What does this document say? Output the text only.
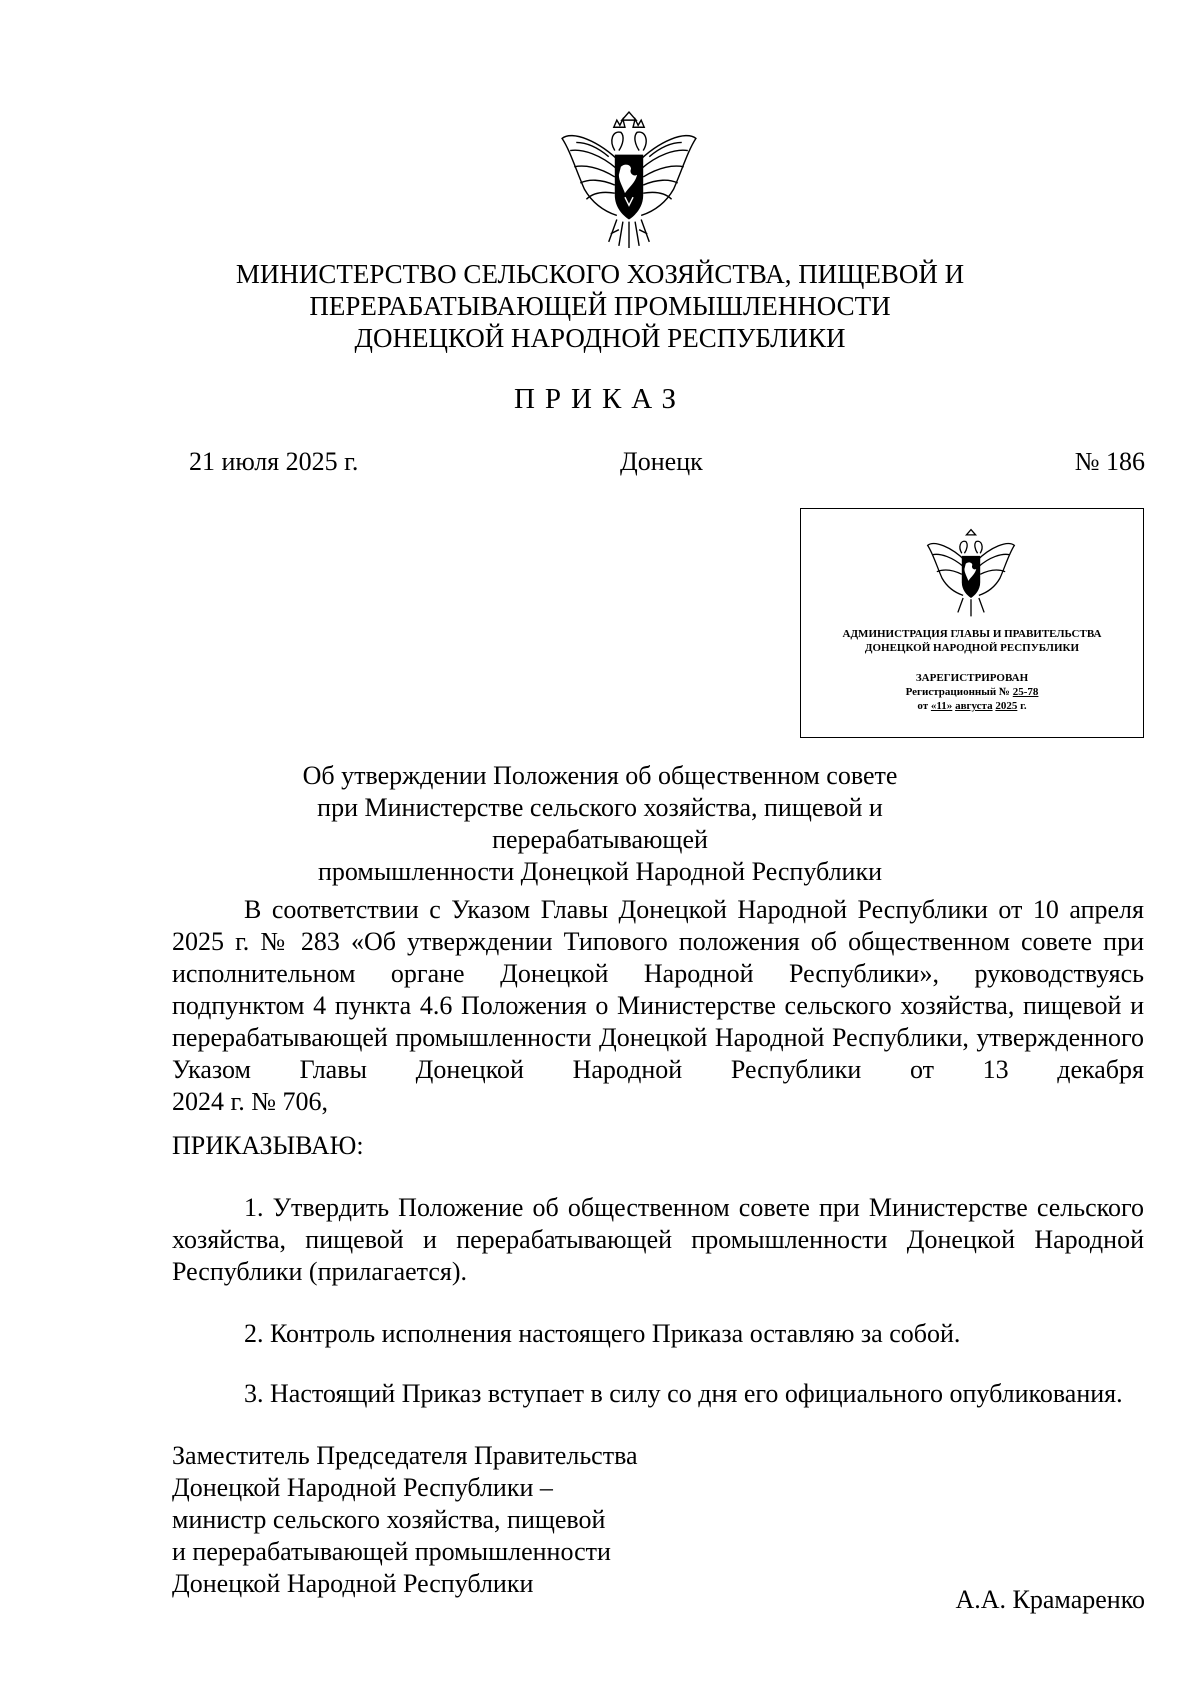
МИНИСТЕРСТВО СЕЛЬСКОГО ХОЗЯЙСТВА, ПИЩЕВОЙ И
ПЕРЕРАБАТЫВАЮЩЕЙ ПРОМЫШЛЕННОСТИ
ДОНЕЦКОЙ НАРОДНОЙ РЕСПУБЛИКИ
ПРИКАЗ
21 июля 2025 г.	Донецк	№ 186
АДМИНИСТРАЦИЯ ГЛАВЫ И ПРАВИТЕЛЬСТВА
ДОНЕЦКОЙ НАРОДНОЙ РЕСПУБЛИКИ
ЗАРЕГИСТРИРОВАН
Регистрационный № 25-78
от «11» августа 2025 г.
Об утверждении Положения об общественном совете
при Министерстве сельского хозяйства, пищевой и перерабатывающей
промышленности Донецкой Народной Республики
В соответствии с Указом Главы Донецкой Народной Республики от 10 апреля
2025 г. № 283 «Об утверждении Типового положения об общественном совете при
исполнительном органе Донецкой Народной Республики», руководствуясь
подпунктом 4 пункта 4.6 Положения о Министерстве сельского хозяйства, пищевой и
перерабатывающей промышленности Донецкой Народной Республики, утвержденного
Указом Главы Донецкой Народной Республики от 13 декабря
2024 г. № 706,
ПРИКАЗЫВАЮ:
1. Утвердить Положение об общественном совете при Министерстве сельского
хозяйства, пищевой и перерабатывающей промышленности Донецкой Народной
Республики (прилагается).
2. Контроль исполнения настоящего Приказа оставляю за собой.
3. Настоящий Приказ вступает в силу со дня его официального опубликования.
Заместитель Председателя Правительства
Донецкой Народной Республики –
министр сельского хозяйства, пищевой
и перерабатывающей промышленности
Донецкой Народной Республики
А.А. Крамаренко
